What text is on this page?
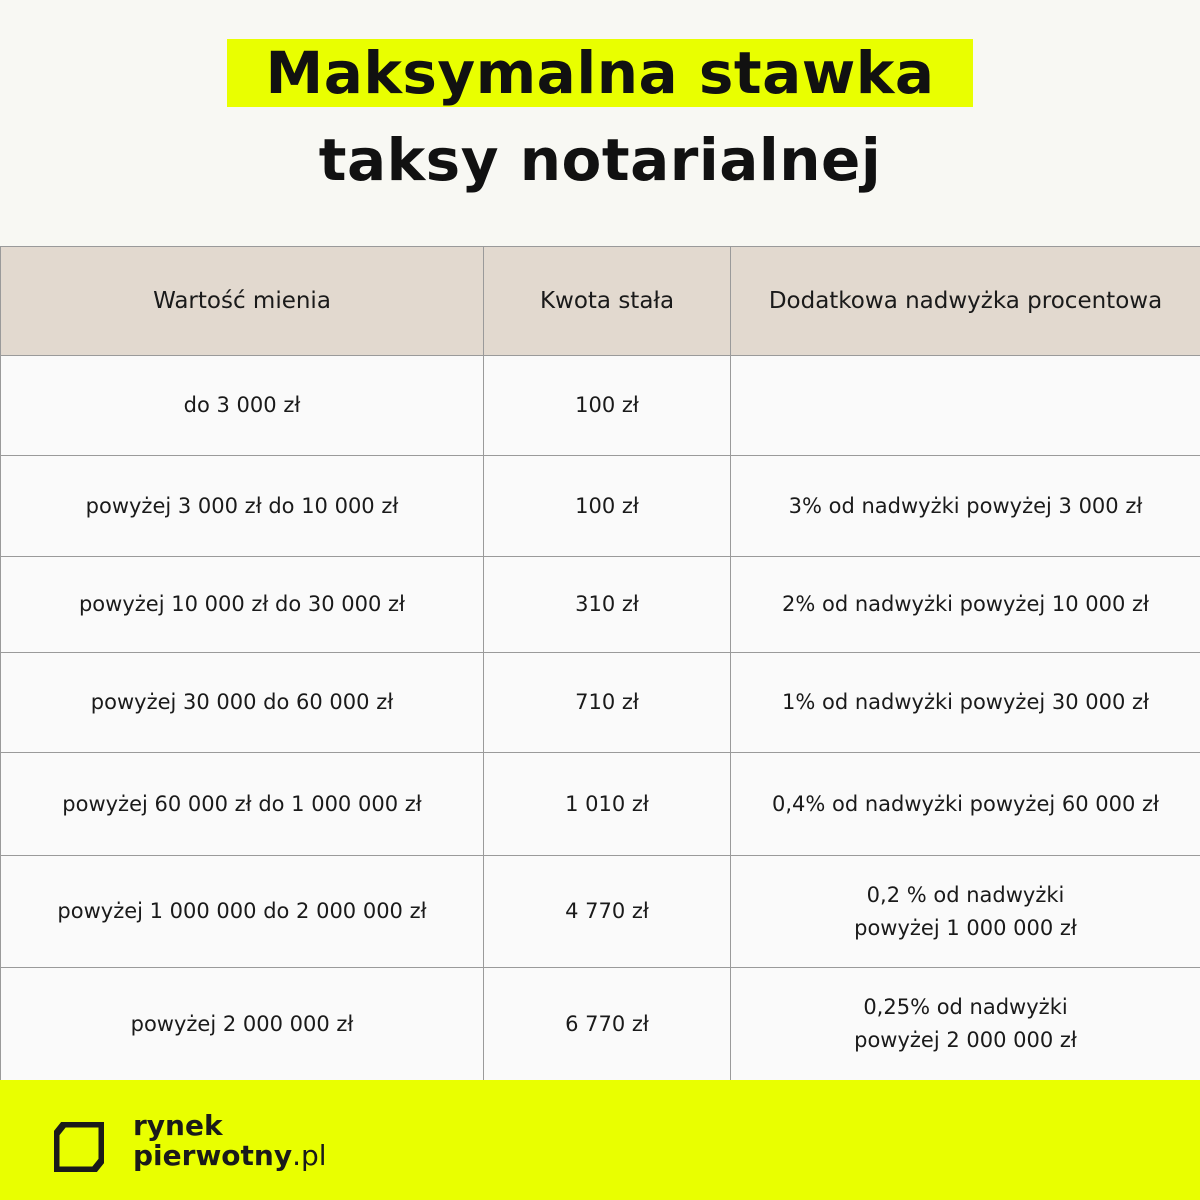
Maksymalna stawka
taksy notarialnej
Wartość mienia	Kwota stała	Dodatkowa nadwyżka procentowa
do 3 000 zł	100 zł	
powyżej 3 000 zł do 10 000 zł	100 zł	3% od nadwyżki powyżej 3 000 zł
powyżej 10 000 zł do 30 000 zł	310 zł	2% od nadwyżki powyżej 10 000 zł
powyżej 30 000 do 60 000 zł	710 zł	1% od nadwyżki powyżej 30 000 zł
powyżej 60 000 zł do 1 000 000 zł	1 010 zł	0,4% od nadwyżki powyżej 60 000 zł
powyżej 1 000 000 do 2 000 000 zł	4 770 zł	0,2 % od nadwyżki powyżej 1 000 000 zł
powyżej 2 000 000 zł	6 770 zł	0,25% od nadwyżki powyżej 2 000 000 zł
rynek
pierwotny.pl
